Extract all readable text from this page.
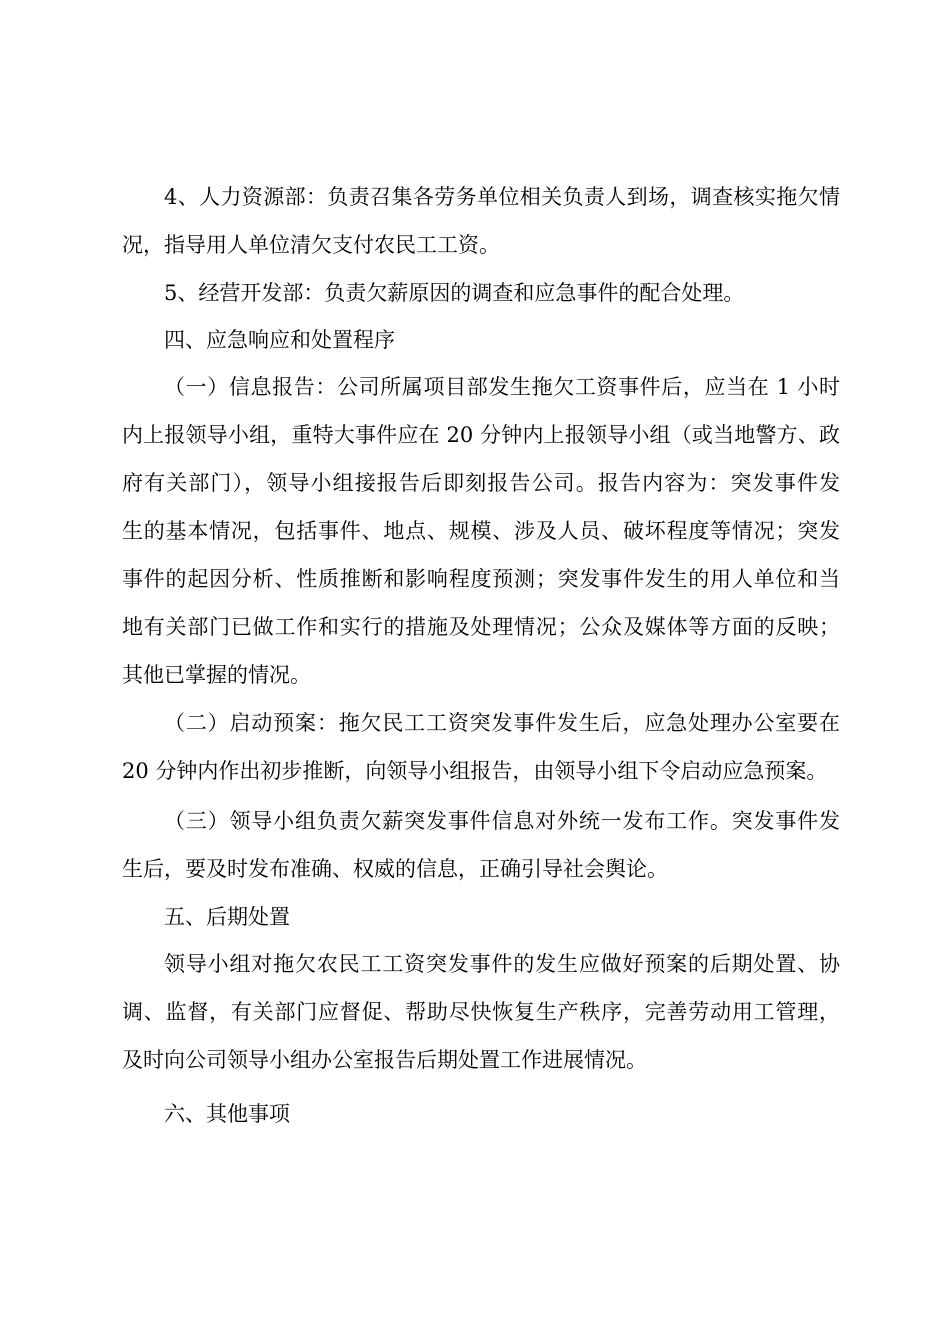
4、人力资源部：负责召集各劳务单位相关负责人到场，调查核实拖欠情
况，指导用人单位清欠支付农民工工资。
5、经营开发部：负责欠薪原因的调查和应急事件的配合处理。
四、应急响应和处置程序
（一）信息报告：公司所属项目部发生拖欠工资事件后，应当在 1 小时
内上报领导小组，重特大事件应在 20 分钟内上报领导小组（或当地警方、政
府有关部门），领导小组接报告后即刻报告公司。报告内容为：突发事件发
生的基本情况，包括事件、地点、规模、涉及人员、破坏程度等情况；突发
事件的起因分析、性质推断和影响程度预测；突发事件发生的用人单位和当
地有关部门已做工作和实行的措施及处理情况；公众及媒体等方面的反映；
其他已掌握的情况。
（二）启动预案：拖欠民工工资突发事件发生后，应急处理办公室要在
20 分钟内作出初步推断，向领导小组报告，由领导小组下令启动应急预案。
（三）领导小组负责欠薪突发事件信息对外统一发布工作。突发事件发
生后，要及时发布准确、权威的信息，正确引导社会舆论。
五、后期处置
领导小组对拖欠农民工工资突发事件的发生应做好预案的后期处置、协
调、监督，有关部门应督促、帮助尽快恢复生产秩序，完善劳动用工管理，
及时向公司领导小组办公室报告后期处置工作进展情况。
六、其他事项
